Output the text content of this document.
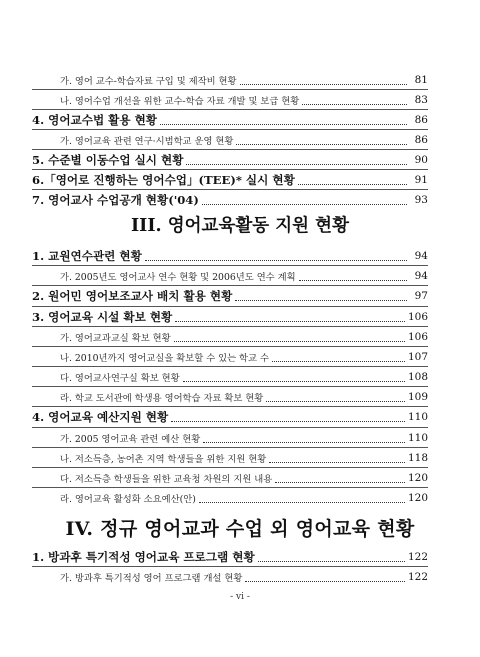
가. 영어 교수-학습자료 구입 및 제작비 현황	81
나. 영어수업 개선을 위한 교수-학습 자료 개발 및 보급 현황	83
4. 영어교수법 활용 현황	86
가. 영어교육 관련 연구·시범학교 운영 현황	86
5. 수준별 이동수업 실시 현황	90
6.「영어로 진행하는 영어수업」(TEE)* 실시 현황	91
7. 영어교사 수업공개 현황('04)	93
III. 영어교육활동 지원 현황
1. 교원연수관련 현황	94
가. 2005년도 영어교사 연수 현황 및 2006년도 연수 계획	94
2. 원어민 영어보조교사 배치 활용 현황	97
3. 영어교육 시설 확보 현황	106
가. 영어교과교실 확보 현황	106
나. 2010년까지 영어교실을 확보할 수 있는 학교 수	107
다. 영어교사연구실 확보 현황	108
라. 학교 도서관에 학생용 영어학습 자료 확보 현황	109
4. 영어교육 예산지원 현황	110
가. 2005 영어교육 관련 예산 현황	110
나. 저소득층, 농어촌 지역 학생들을 위한 지원 현황	118
다. 저소득층 학생들을 위한 교육청 차원의 지원 내용	120
라. 영어교육 활성화 소요예산(안)	120
IV. 정규 영어교과 수업 외 영어교육 현황
1. 방과후 특기적성 영어교육 프로그램 현황	122
가. 방과후 특기적성 영어 프로그램 개설 현황	122
- vi -
